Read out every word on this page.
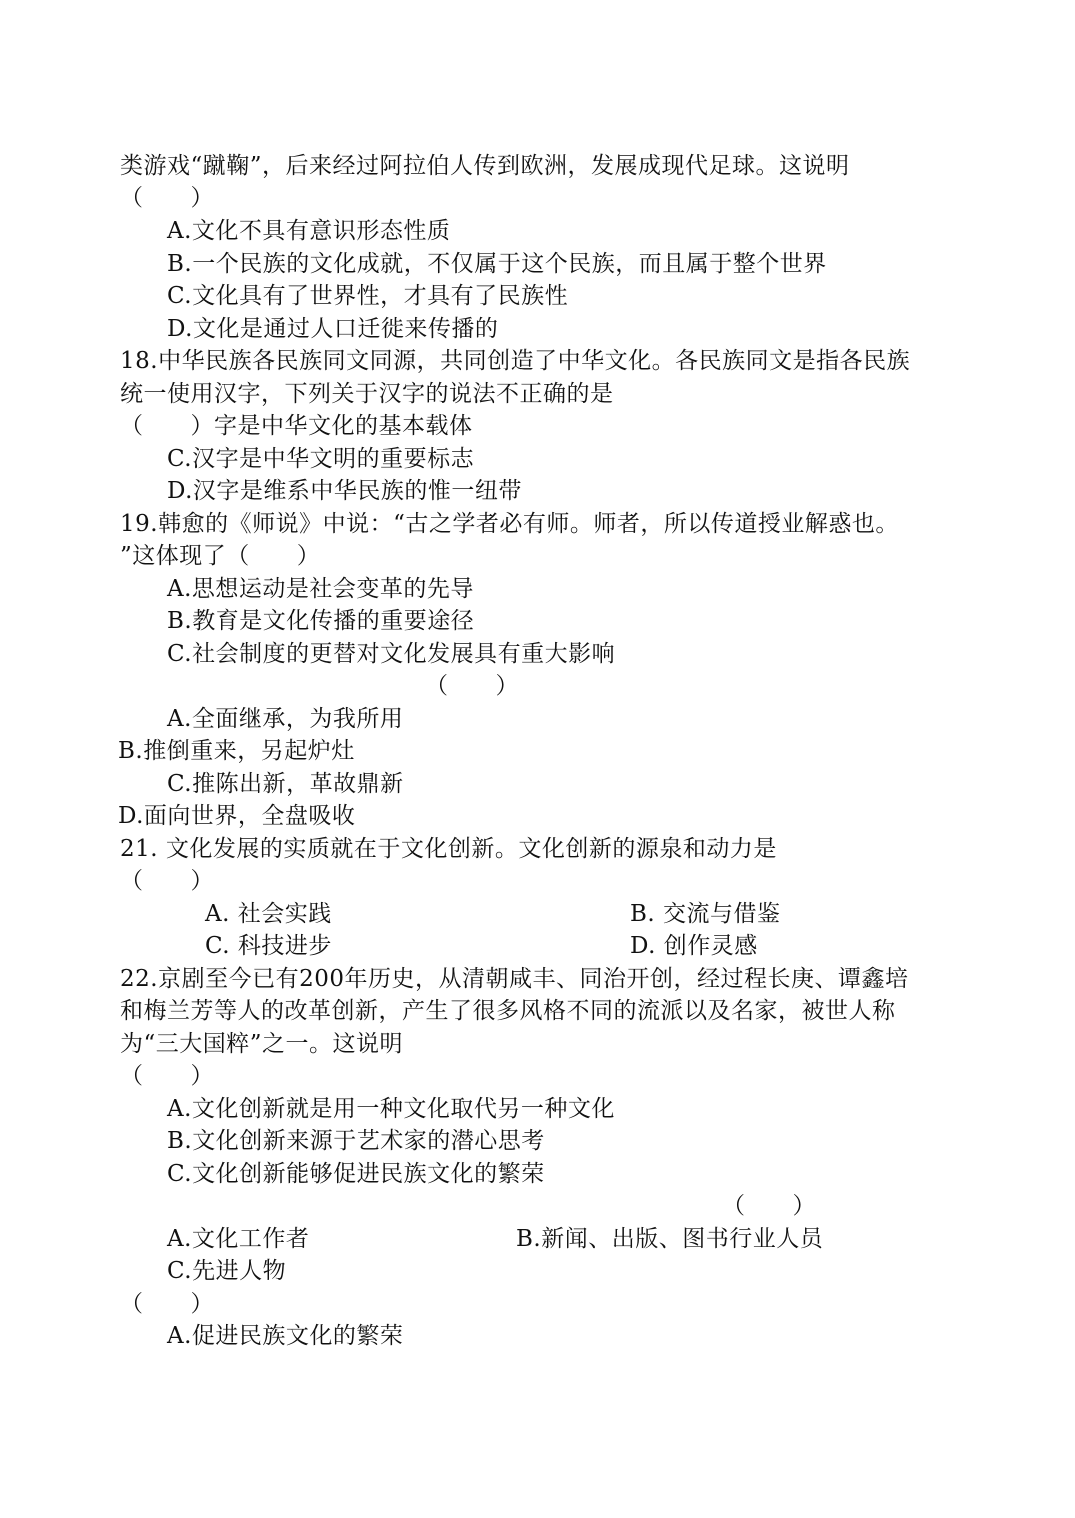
类游戏“蹴鞠”，后来经过阿拉伯人传到欧洲，发展成现代足球。这说明
（　　）
A.文化不具有意识形态性质
B.一个民族的文化成就，不仅属于这个民族，而且属于整个世界
C.文化具有了世界性，才具有了民族性
D.文化是通过人口迁徙来传播的
18.中华民族各民族同文同源，共同创造了中华文化。各民族同文是指各民族
统一使用汉字，下列关于汉字的说法不正确的是
（　　）字是中华文化的基本载体
C.汉字是中华文明的重要标志
D.汉字是维系中华民族的惟一纽带
19.韩愈的《师说》中说：“古之学者必有师。师者，所以传道授业解惑也。
”这体现了（　　）
A.思想运动是社会变革的先导
B.教育是文化传播的重要途径
C.社会制度的更替对文化发展具有重大影响
（　　）
A.全面继承，为我所用
B.推倒重来，另起炉灶
C.推陈出新，革故鼎新
D.面向世界，全盘吸收
21. 文化发展的实质就在于文化创新。文化创新的源泉和动力是
（　　）
A. 社会实践	B. 交流与借鉴
C. 科技进步	D. 创作灵感
22.京剧至今已有200年历史，从清朝咸丰、同治开创，经过程长庚、谭鑫培
和梅兰芳等人的改革创新，产生了很多风格不同的流派以及名家，被世人称
为“三大国粹”之一。这说明
（　　）
A.文化创新就是用一种文化取代另一种文化
B.文化创新来源于艺术家的潜心思考
C.文化创新能够促进民族文化的繁荣
（　　）
A.文化工作者	B.新闻、出版、图书行业人员
C.先进人物
（　　）
A.促进民族文化的繁荣
